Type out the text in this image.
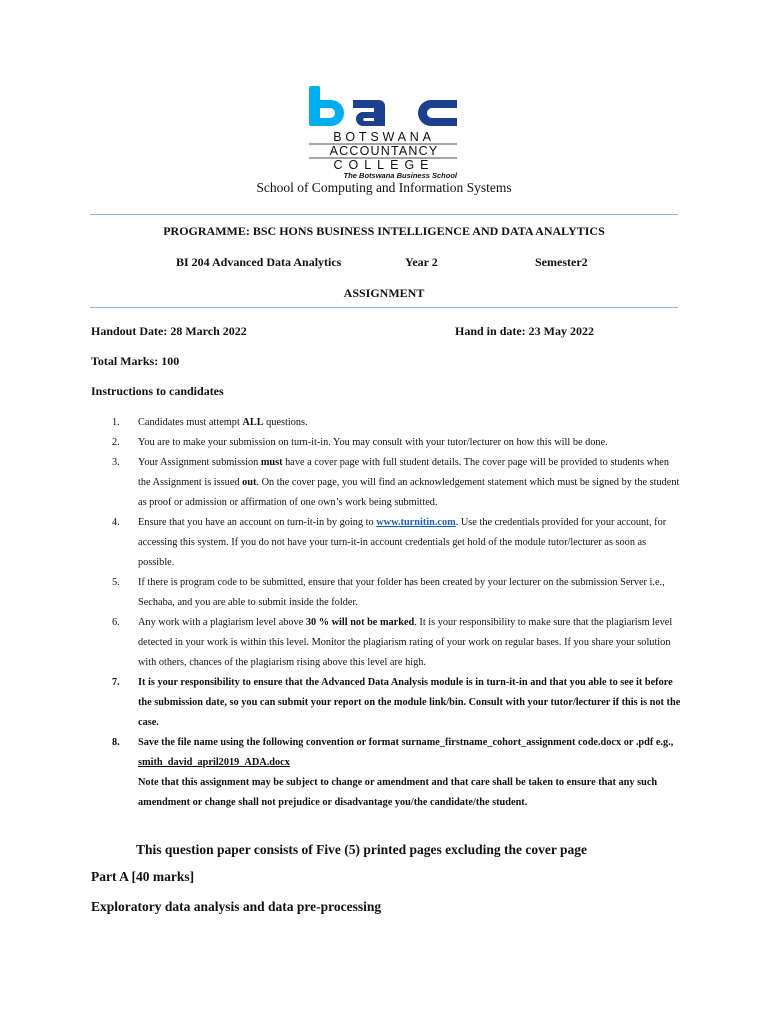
BOTSWANA
ACCOUNTANCY
COLLEGE
The Botswana Business School
School of Computing and Information Systems
PROGRAMME: BSC HONS BUSINESS INTELLIGENCE AND DATA ANALYTICS
BI 204 Advanced Data Analytics	Year 2	Semester2
ASSIGNMENT
Handout Date: 28 March 2022	Hand in date: 23 May 2022
Total Marks: 100
Instructions to candidates
1. Candidates must attempt ALL questions.
2. You are to make your submission on turn-it-in. You may consult with your tutor/lecturer on how this will be done.
3. Your Assignment submission must have a cover page with full student details. The cover page will be provided to students when the Assignment is issued out. On the cover page, you will find an acknowledgement statement which must be signed by the student as proof or admission or affirmation of one own’s work being submitted.
4. Ensure that you have an account on turn-it-in by going to www.turnitin.com. Use the credentials provided for your account, for accessing this system. If you do not have your turn-it-in account credentials get hold of the module tutor/lecturer as soon as possible.
5. If there is program code to be submitted, ensure that your folder has been created by your lecturer on the submission Server i.e., Sechaba, and you are able to submit inside the folder.
6. Any work with a plagiarism level above 30 % will not be marked. It is your responsibility to make sure that the plagiarism level detected in your work is within this level. Monitor the plagiarism rating of your work on regular bases. If you share your solution with others, chances of the plagiarism rising above this level are high.
7. It is your responsibility to ensure that the Advanced Data Analysis module is in turn-it-in and that you able to see it before the submission date, so you can submit your report on the module link/bin. Consult with your tutor/lecturer if this is not the case.
8. Save the file name using the following convention or format surname_firstname_cohort_assignment code.docx or .pdf e.g., smith_david_april2019_ADA.docx
Note that this assignment may be subject to change or amendment and that care shall be taken to ensure that any such amendment or change shall not prejudice or disadvantage you/the candidate/the student.
This question paper consists of Five (5) printed pages excluding the cover page
Part A [40 marks]
Exploratory data analysis and data pre-processing
